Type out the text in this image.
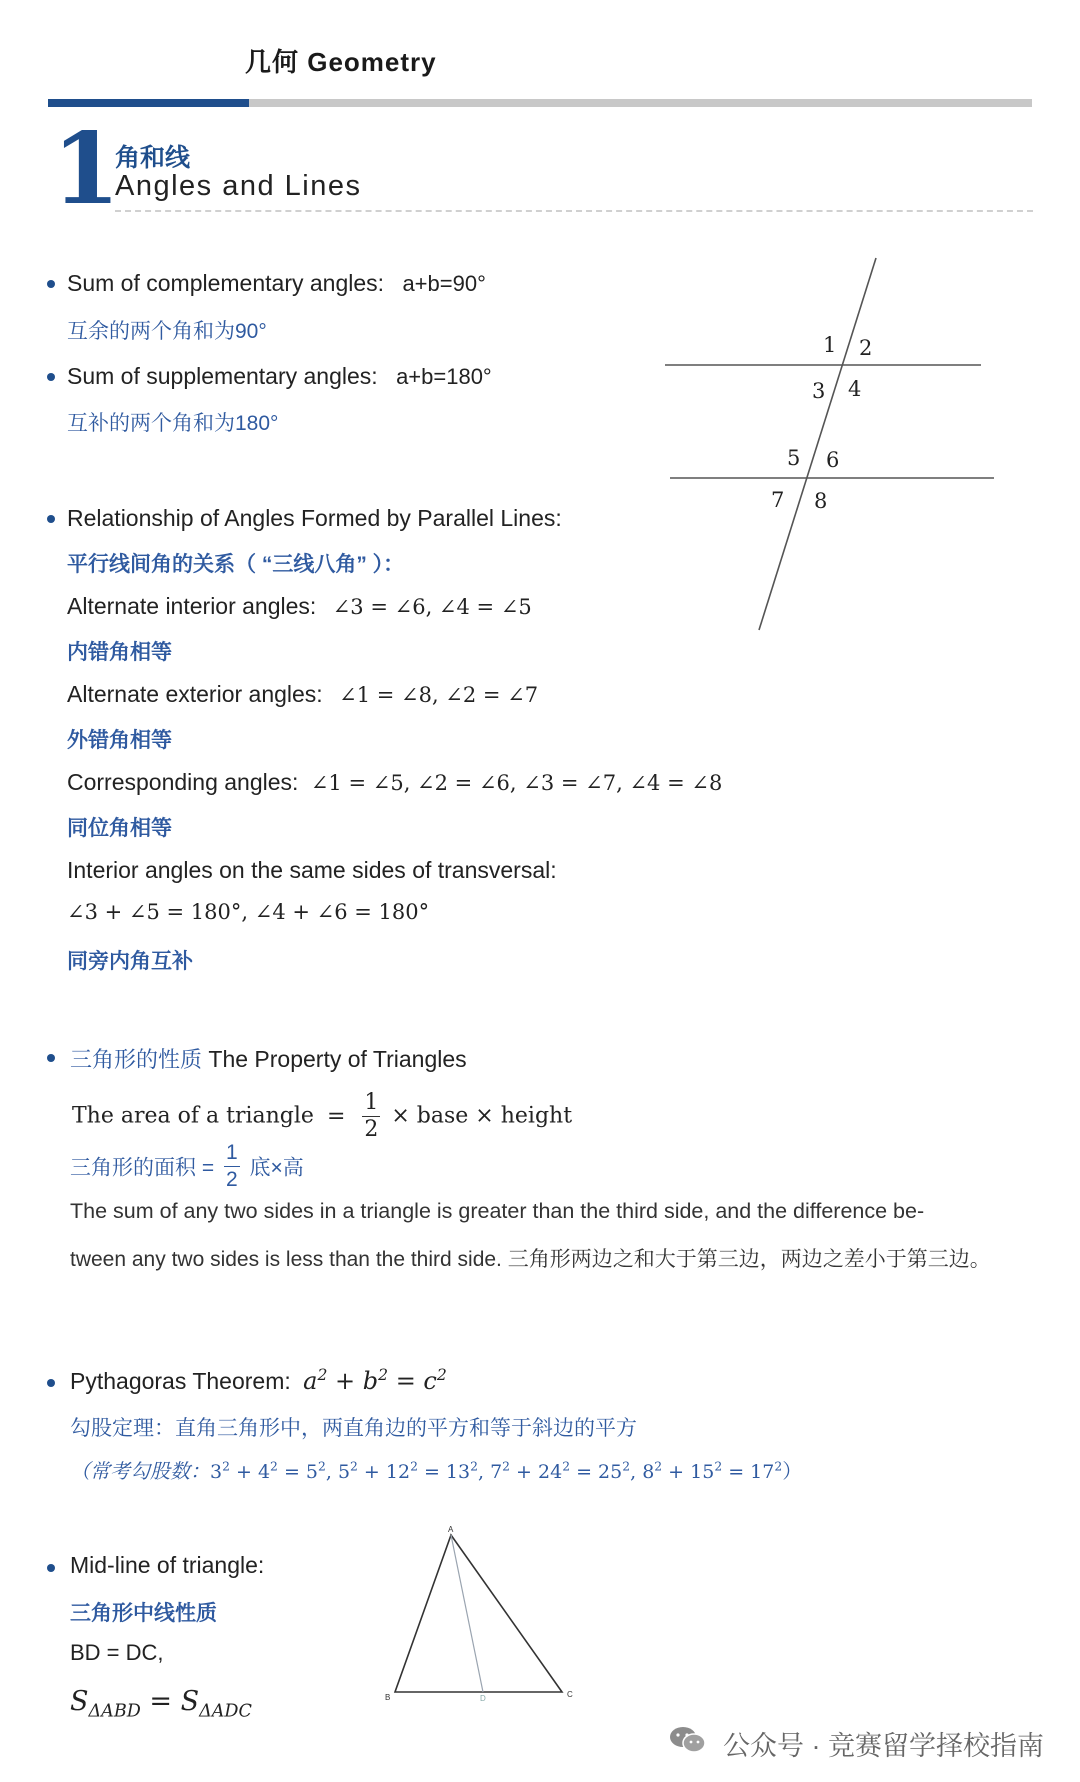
几何 Geometry
1
角和线
Angles and Lines
Sum of complementary angles: a+b=90°
互余的两个角和为90°
Sum of supplementary angles: a+b=180°
互补的两个角和为180°
1 2
3 4
5 6
7 8
Relationship of Angles Formed by Parallel Lines:
平行线间角的关系（ “三线八角” ）：
Alternate interior angles: ∠3 = ∠6, ∠4 = ∠5
内错角相等
Alternate exterior angles: ∠1 = ∠8, ∠2 = ∠7
外错角相等
Corresponding angles: ∠1 = ∠5, ∠2 = ∠6, ∠3 = ∠7, ∠4 = ∠8
同位角相等
Interior angles on the same sides of transversal:
∠3 + ∠5 = 180°, ∠4 + ∠6 = 180°
同旁内角互补
三角形的性质 The Property of Triangles
The area of a triangle = $\frac{1}{2}$ × base × height
三角形的面积 = $\frac{1}{2}$ 底×高
The sum of any two sides in a triangle is greater than the third side, and the difference be-
tween any two sides is less than the third side. 三角形两边之和大于第三边，两边之差小于第三边。
Pythagoras Theorem: $a^2 + b^2 = c^2$
勾股定理：直角三角形中，两直角边的平方和等于斜边的平方
（常考勾股数：$3^2 + 4^2 = 5^2$, $5^2 + 12^2 = 13^2$, $7^2 + 24^2 = 25^2$, $8^2 + 15^2 = 17^2$）
Mid-line of triangle:
三角形中线性质
BD = DC,
$S_{\Delta ABD} = S_{\Delta ADC}$
A
B	C
D
公众号 · 竞赛留学择校指南
